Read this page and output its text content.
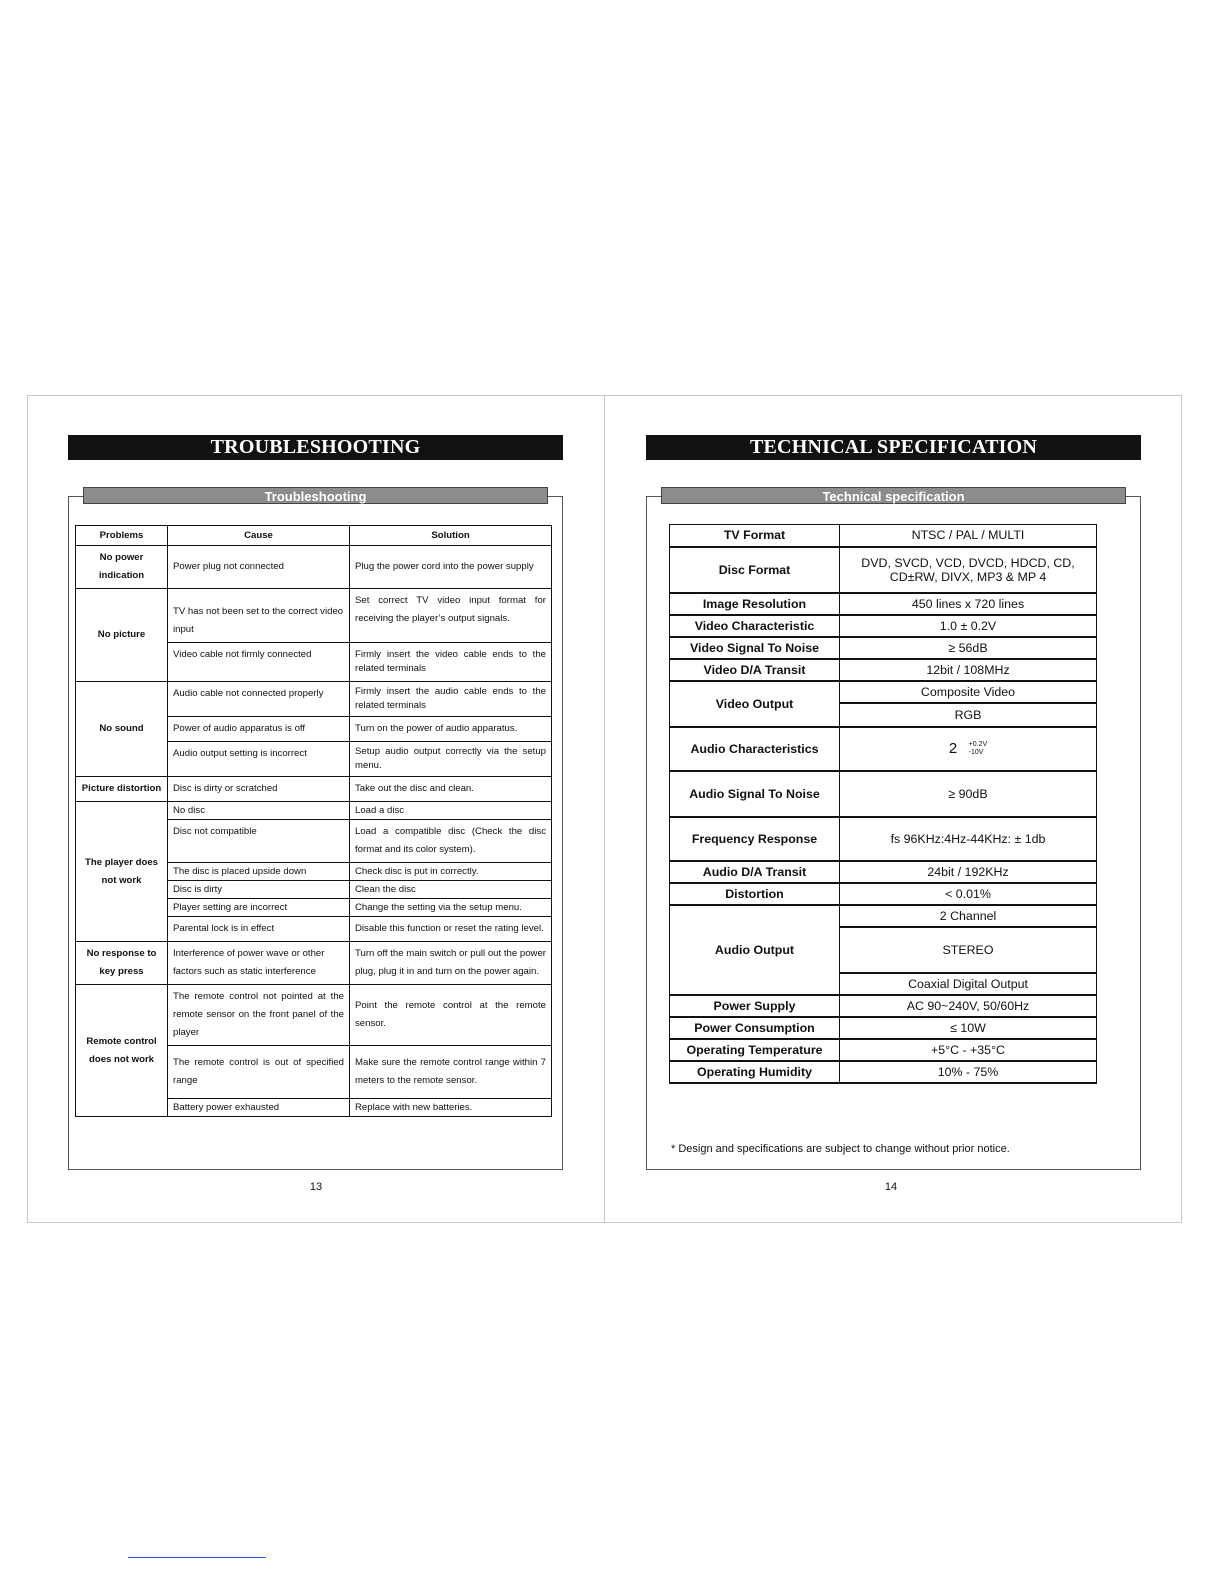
TROUBLESHOOTING
Troubleshooting
Problems	Cause	Solution
No power indication	Power plug not connected	Plug the power cord into the power supply
No picture	TV has not been set to the correct video input	Set correct TV video input format for receiving the player’s output signals.
	Video cable not firmly connected	Firmly insert the video cable ends to the related terminals
No sound	Audio cable not connected properly	Firmly insert the audio cable ends to the related terminals
	Power of audio apparatus is off	Turn on the power of audio apparatus.
	Audio output setting is incorrect	Setup audio output correctly via the setup menu.
Picture distortion	Disc is dirty or scratched	Take out the disc and clean.
The player does not work	No disc	Load a disc
	Disc not compatible	Load a compatible disc (Check the disc format and its color system).
	The disc is placed upside down	Check disc is put in correctly.
	Disc is dirty	Clean the disc
	Player setting are incorrect	Change the setting via the setup menu.
	Parental lock is in effect	Disable this function or reset the rating level.
No response to key press	Interference of power wave or other factors such as static interference	Turn off the main switch or pull out the power plug, plug it in and turn on the power again.
Remote control does not work	The remote control not pointed at the remote sensor on the front panel of the player	Point the remote control at the remote sensor.
	The remote control is out of specified range	Make sure the remote control range within 7 meters to the remote sensor.
	Battery power exhausted	Replace with new batteries.
13
TECHNICAL SPECIFICATION
Technical specification
TV Format	NTSC / PAL / MULTI
Disc Format	DVD, SVCD, VCD, DVCD, HDCD, CD,
CD±RW, DIVX, MP3 & MP 4

Image Resolution	450 lines x 720 lines
Video Characteristic	1.0 ± 0.2V
Video Signal To Noise	≥ 56dB
Video D/A Transit	12bit / 108MHz
Video Output	Composite Video
	RGB
Audio Characteristics	2 +0.2V
-10V
Audio Signal To Noise	≥ 90dB
Frequency Response	fs 96KHz:4Hz-44KHz: ± 1db
Audio D/A Transit	24bit / 192KHz
Distortion	< 0.01%
Audio Output	2 Channel
	STEREO
	Coaxial Digital Output
Power Supply	AC 90~240V, 50/60Hz
Power Consumption	≤ 10W
Operating Temperature	+5°C - +35°C
Operating Humidity	10% - 75%
* Design and specifications are subject to change without prior notice.
14
